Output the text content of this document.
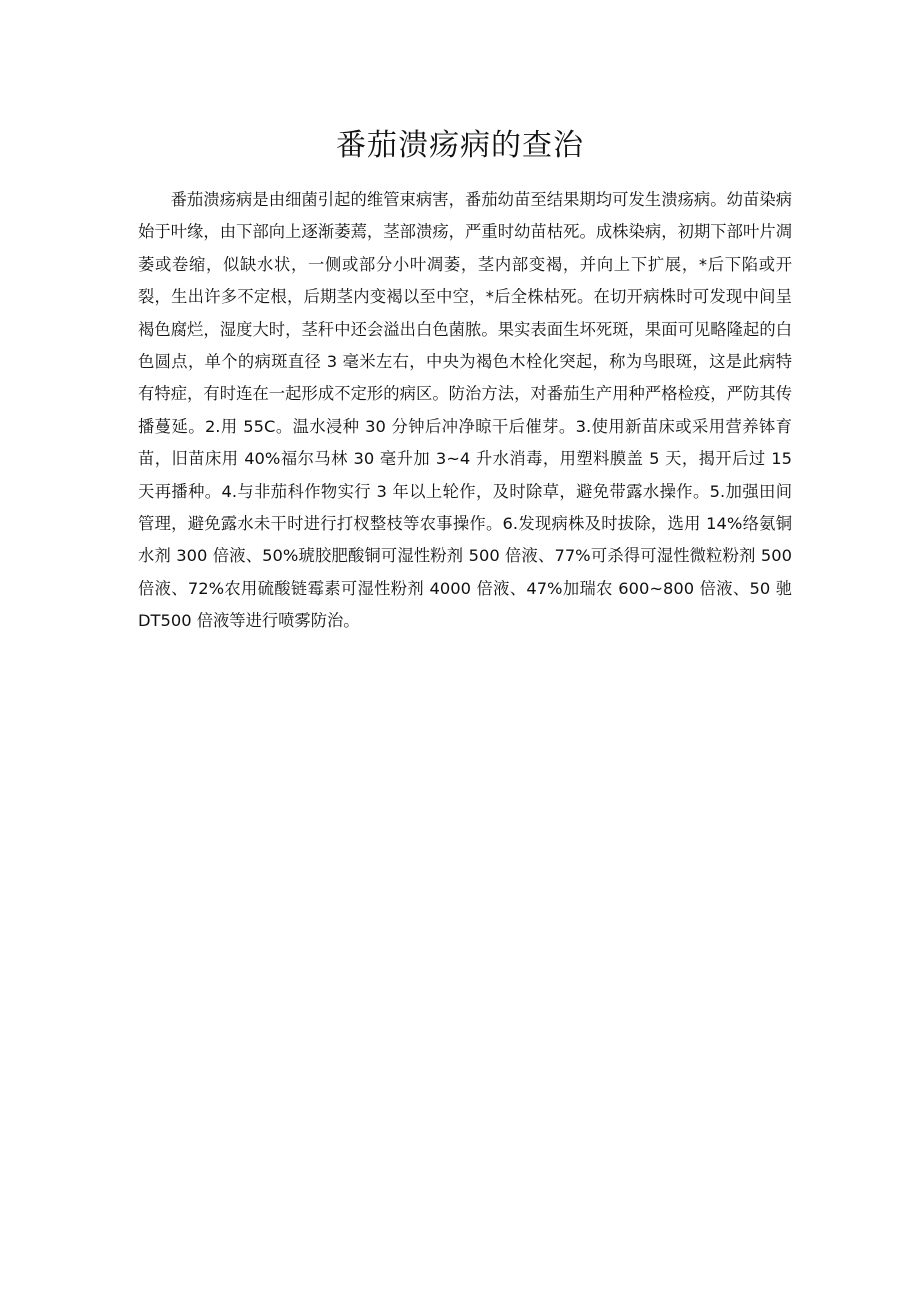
番茄溃疡病的查治

番茄溃疡病是由细菌引起的维管束病害，番茄幼苗至结果期均可发生溃疡病。幼苗染病始于叶缘，由下部向上逐渐萎蔫，茎部溃疡，严重时幼苗枯死。成株染病，初期下部叶片凋萎或卷缩，似缺水状，一侧或部分小叶凋萎，茎内部变褐，并向上下扩展，*后下陷或开裂，生出许多不定根，后期茎内变褐以至中空，*后全株枯死。在切开病株时可发现中间呈褐色腐烂，湿度大时，茎秆中还会溢出白色菌脓。果实表面生坏死斑，果面可见略隆起的白色圆点，单个的病斑直径 3 毫米左右，中央为褐色木栓化突起，称为鸟眼斑，这是此病特有特症，有时连在一起形成不定形的病区。防治方法，对番茄生产用种严格检疫，严防其传播蔓延。2.用 55C。温水浸种 30 分钟后冲净晾干后催芽。3.使用新苗床或采用营养钵育苗，旧苗床用 40%福尔马林 30 毫升加 3~4 升水消毒，用塑料膜盖 5 天，揭开后过 15 天再播种。4.与非茄科作物实行 3 年以上轮作，及时除草，避免带露水操作。5.加强田间管理，避免露水未干时进行打杈整枝等农事操作。6.发现病株及时拔除，选用 14%络氨铜水剂 300 倍液、50%琥胶肥酸铜可湿性粉剂 500 倍液、77%可杀得可湿性微粒粉剂 500 倍液、72%农用硫酸链霉素可湿性粉剂 4000 倍液、47%加瑞农 600~800 倍液、50 驰 DT500 倍液等进行喷雾防治。
